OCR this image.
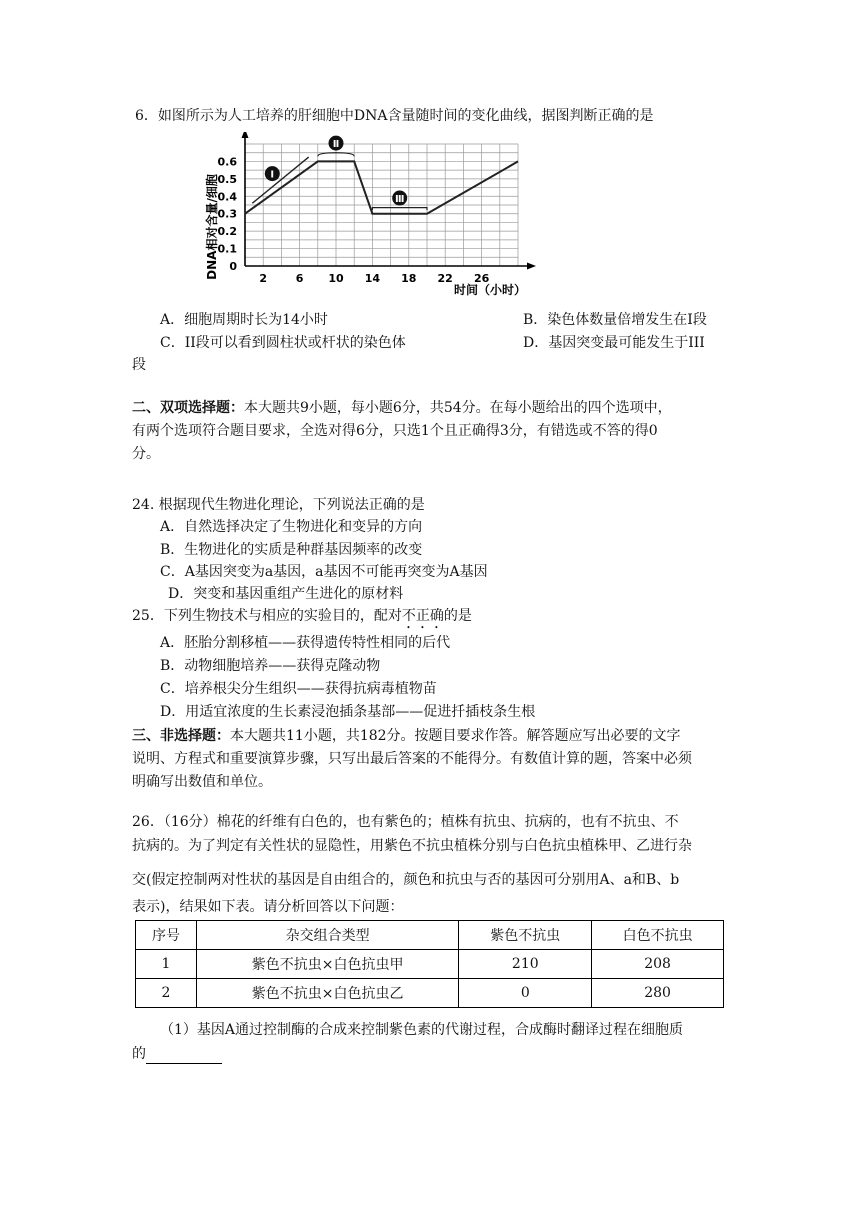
6．如图所示为人工培养的肝细胞中DNA含量随时间的变化曲线，据图判断正确的是
0
0.1
0.2
0.3
0.4
0.5
0.6
2	6 10 14 18 22 26
DNA相对含量/细胞
时间（小时）
Ⅰ
Ⅱ
Ⅲ
A．细胞周期时长为14小时	B．染色体数量倍增发生在Ⅰ段
C．II段可以看到圆柱状或杆状的染色体	D．基因突变最可能发生于III
段
二、双项选择题：本大题共9小题，每小题6分，共54分。在每小题给出的四个选项中，
有两个选项符合题目要求，全选对得6分，只选1个且正确得3分，有错选或不答的得0
分。
24. 根据现代生物进化理论，下列说法正确的是
A．自然选择决定了生物进化和变异的方向
B．生物进化的实质是种群基因频率的改变
C．A基因突变为a基因，a基因不可能再突变为A基因
D．突变和基因重组产生进化的原材料
25．下列生物技术与相应的实验目的，配对不正确的是
A．胚胎分割移植——获得遗传特性相同的后代
B．动物细胞培养——获得克隆动物
C．培养根尖分生组织——获得抗病毒植物苗
D．用适宜浓度的生长素浸泡插条基部——促进扦插枝条生根
三、非选择题：本大题共11小题，共182分。按题目要求作答。解答题应写出必要的文字
说明、方程式和重要演算步骤，只写出最后答案的不能得分。有数值计算的题，答案中必须
明确写出数值和单位。
26．（16分）棉花的纤维有白色的，也有紫色的；植株有抗虫、抗病的，也有不抗虫、不
抗病的。为了判定有关性状的显隐性，用紫色不抗虫植株分别与白色抗虫植株甲、乙进行杂
交(假定控制两对性状的基因是自由组合的，颜色和抗虫与否的基因可分别用A、a和B、b
表示)，结果如下表。请分析回答以下问题：
序号	杂交组合类型	紫色不抗虫	白色不抗虫
1	紫色不抗虫×白色抗虫甲	210	208
2	紫色不抗虫×白色抗虫乙	0	280
（1）基因A通过控制酶的合成来控制紫色素的代谢过程，合成酶时翻译过程在细胞质
的
